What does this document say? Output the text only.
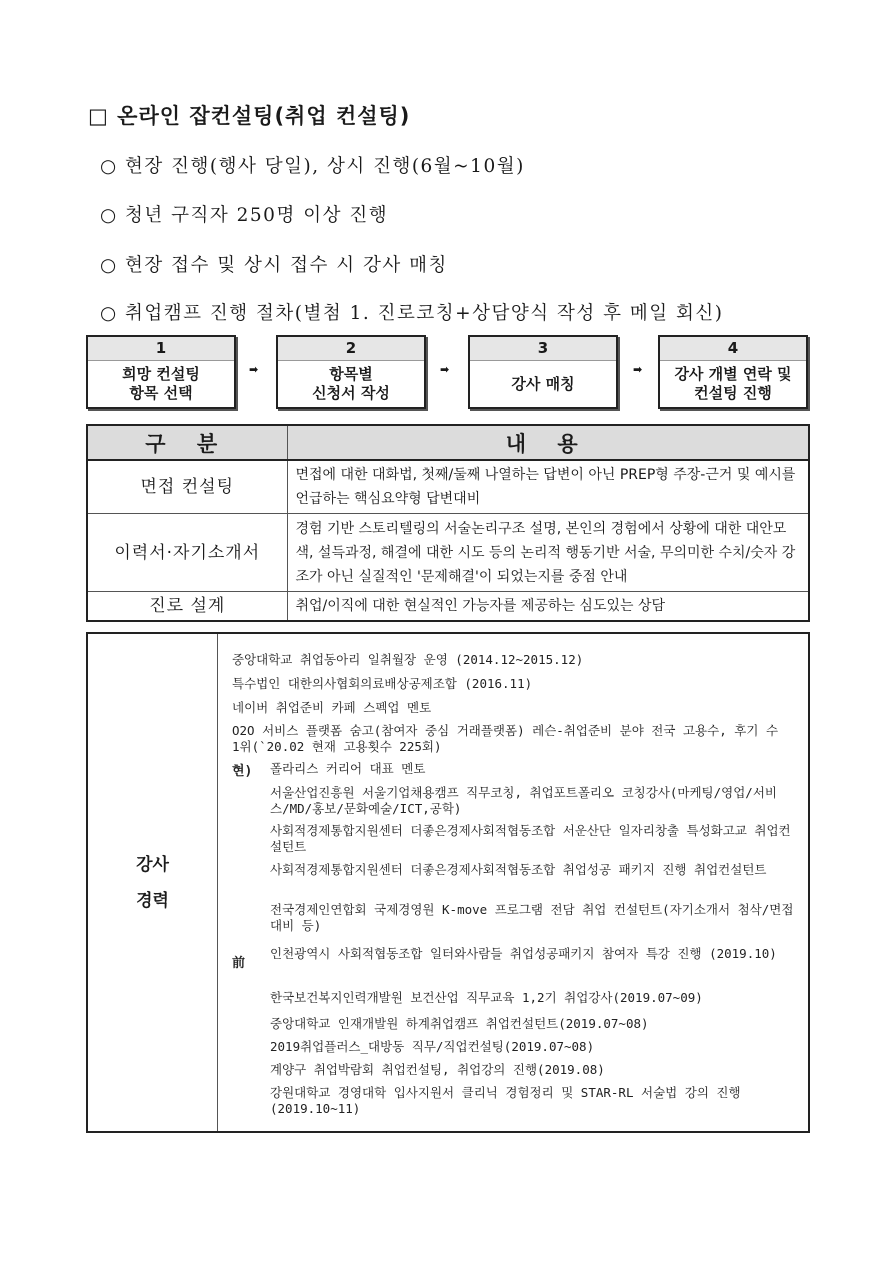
□ 온라인 잡컨설팅(취업 컨설팅)
○ 현장 진행(행사 당일), 상시 진행(6월~10월)
○ 청년 구직자 250명 이상 진행
○ 현장 접수 및 상시 접수 시 강사 매칭
○ 취업캠프 진행 절차(별첨 1. 진로코칭+상담양식 작성 후 메일 회신)
1
희망 컨설팅
항목 선택
➡
2
항목별
신청서 작성
➡
3
강사 매칭
➡
4
강사 개별 연락 및
컨설팅 진행
구 분	내 용
면접 컨설팅	면접에 대한 대화법, 첫째/둘째 나열하는 답변이 아닌 PREP형 주장-근거 및 예시를 언급하는 핵심요약형 답변대비
이력서·자기소개서	경험 기반 스토리텔링의 서술논리구조 설명, 본인의 경험에서 상황에 대한 대안모색, 설득과정, 해결에 대한 시도 등의 논리적 행동기반 서술, 무의미한 수치/숫자 강조가 아닌 실질적인 '문제해결'이 되었는지를 중점 안내
진로 설계	취업/이직에 대한 현실적인 가능자를 제공하는 심도있는 상담
강사
경력
중앙대학교 취업동아리 일취월장 운영 (2014.12~2015.12)
특수법인 대한의사협회의료배상공제조합 (2016.11)
네이버 취업준비 카페 스펙업 멘토
O2O 서비스 플랫폼 숨고(참여자 중심 거래플랫폼) 레슨-취업준비 분야 전국 고용수, 후기 수 1위(`20.02 현재 고용횟수 225회)
현) 폴라리스 커리어 대표 멘토
서울산업진흥원 서울기업채용캠프 직무코칭, 취업포트폴리오 코칭강사(마케팅/영업/서비스/MD/홍보/문화예술/ICT,공학)
사회적경제통합지원센터 더좋은경제사회적협동조합 서운산단 일자리창출 특성화고교 취업컨설턴트
사회적경제통합지원센터 더좋은경제사회적협동조합 취업성공 패키지 진행 취업컨설턴트
전국경제인연합회 국제경영원 K-move 프로그램 전담 취업 컨설턴트(자기소개서 첨삭/면접대비 등)
前
인천광역시 사회적협동조합 일터와사람들 취업성공패키지 참여자 특강 진행 (2019.10)
한국보건복지인력개발원 보건산업 직무교육 1,2기 취업강사(2019.07~09)
중앙대학교 인재개발원 하계취업캠프 취업컨설턴트(2019.07~08)
2019취업플러스_대방동 직무/직업컨설팅(2019.07~08)
계양구 취업박람회 취업컨설팅, 취업강의 진행(2019.08)
강원대학교 경영대학 입사지원서 클리닉 경험정리 및 STAR-RL 서술법 강의 진행(2019.10~11)
